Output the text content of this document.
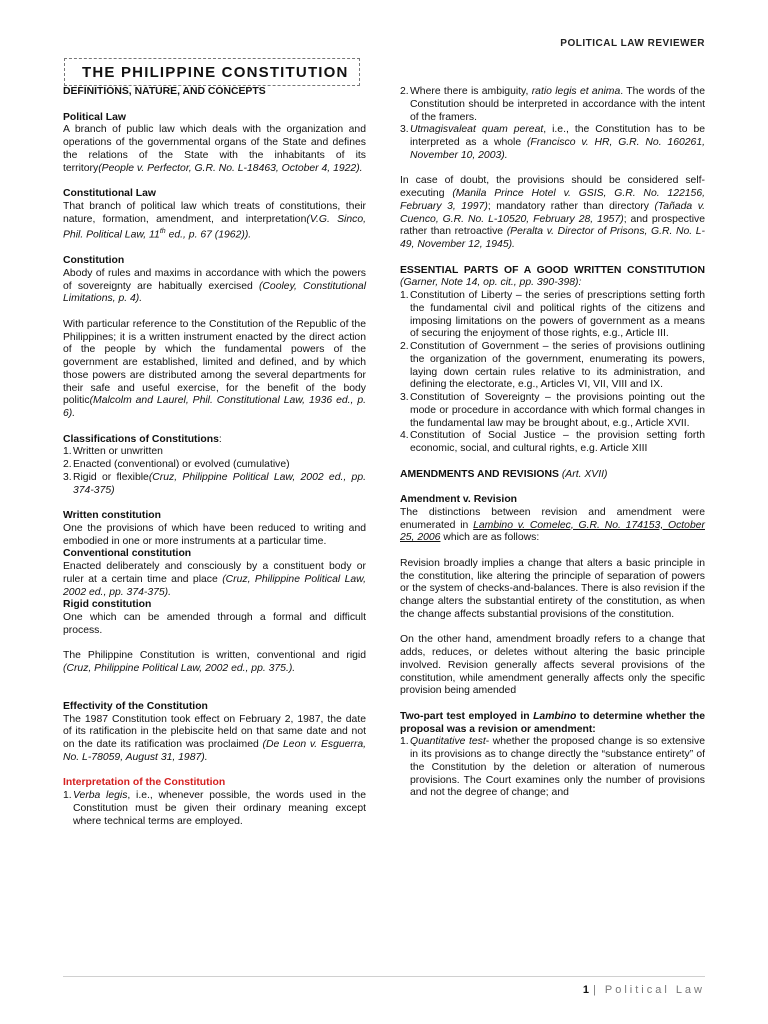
POLITICAL LAW REVIEWER
THE PHILIPPINE CONSTITUTION

DEFINITIONS, NATURE, AND CONCEPTS

Political Law

A branch of public law which deals with the organization and operations of the governmental organs of the State and defines the relations of the State with the inhabitants of its territory(People v. Perfector, G.R. No. L-18463, October 4, 1922).

Constitutional Law

That branch of political law which treats of constitutions, their nature, formation, amendment, and interpretation(V.G. Sinco, Phil. Political Law, 11th ed., p. 67 (1962)).

Constitution

Abody of rules and maxims in accordance with which the powers of sovereignty are habitually exercised (Cooley, Constitutional Limitations, p. 4).

With particular reference to the Constitution of the Republic of the Philippines; it is a written instrument enacted by the direct action of the people by which the fundamental powers of the government are established, limited and defined, and by which those powers are distributed among the several departments for their safe and useful exercise, for the benefit of the body politic(Malcolm and Laurel, Phil. Constitutional Law, 1936 ed., p. 6).

Classifications of Constitutions:

1. Written or unwritten
2. Enacted (conventional) or evolved (cumulative)
3. Rigid or flexible(Cruz, Philippine Political Law, 2002 ed., pp. 374-375)

Written constitution

One the provisions of which have been reduced to writing and embodied in one or more instruments at a particular time.

Conventional constitution

Enacted deliberately and consciously by a constituent body or ruler at a certain time and place (Cruz, Philippine Political Law, 2002 ed., pp. 374-375).

Rigid constitution

One which can be amended through a formal and difficult process.

The Philippine Constitution is written, conventional and rigid (Cruz, Philippine Political Law, 2002 ed., pp. 375.).

Effectivity of the Constitution

The 1987 Constitution took effect on February 2, 1987, the date of its ratification in the plebiscite held on that same date and not on the date its ratification was proclaimed (De Leon v. Esguerra, No. L-78059, August 31, 1987).

Interpretation of the Constitution

1. Verba legis, i.e., whenever possible, the words used in the Constitution must be given their ordinary meaning except where technical terms are employed.
2. Where there is ambiguity, ratio legis et anima. The words of the Constitution should be interpreted in accordance with the intent of the framers.
3. Utmagisvaleat quam pereat, i.e., the Constitution has to be interpreted as a whole (Francisco v. HR, G.R. No. 160261, November 10, 2003).

In case of doubt, the provisions should be considered self-executing (Manila Prince Hotel v. GSIS, G.R. No. 122156, February 3, 1997); mandatory rather than directory (Tañada v. Cuenco, G.R. No. L-10520, February 28, 1957); and prospective rather than retroactive (Peralta v. Director of Prisons, G.R. No. L-49, November 12, 1945).

ESSENTIAL PARTS OF A GOOD WRITTEN CONSTITUTION (Garner, Note 14, op. cit., pp. 390-398):

1. Constitution of Liberty – the series of prescriptions setting forth the fundamental civil and political rights of the citizens and imposing limitations on the powers of government as a means of securing the enjoyment of those rights, e.g., Article III.
2. Constitution of Government – the series of provisions outlining the organization of the government, enumerating its powers, laying down certain rules relative to its administration, and defining the electorate, e.g., Articles VI, VII, VIII and IX.
3. Constitution of Sovereignty – the provisions pointing out the mode or procedure in accordance with which formal changes in the fundamental law may be brought about, e.g., Article XVII.
4. Constitution of Social Justice – the provision setting forth economic, social, and cultural rights, e.g. Article XIII

AMENDMENTS AND REVISIONS (Art. XVII)

Amendment v. Revision

The distinctions between revision and amendment were enumerated in Lambino v. Comelec, G.R. No. 174153, October 25, 2006 which are as follows:

Revision broadly implies a change that alters a basic principle in the constitution, like altering the principle of separation of powers or the system of checks-and-balances. There is also revision if the change alters the substantial entirety of the constitution, as when the change affects substantial provisions of the constitution.

On the other hand, amendment broadly refers to a change that adds, reduces, or deletes without altering the basic principle involved. Revision generally affects several provisions of the constitution, while amendment generally affects only the specific provision being amended

Two-part test employed in Lambino to determine whether the proposal was a revision or amendment:

1. Quantitative test- whether the proposed change is so extensive in its provisions as to change directly the “substance entirety” of the Constitution by the deletion or alteration of numerous provisions. The Court examines only the number of provisions and not the degree of change; and
1 | Political Law
